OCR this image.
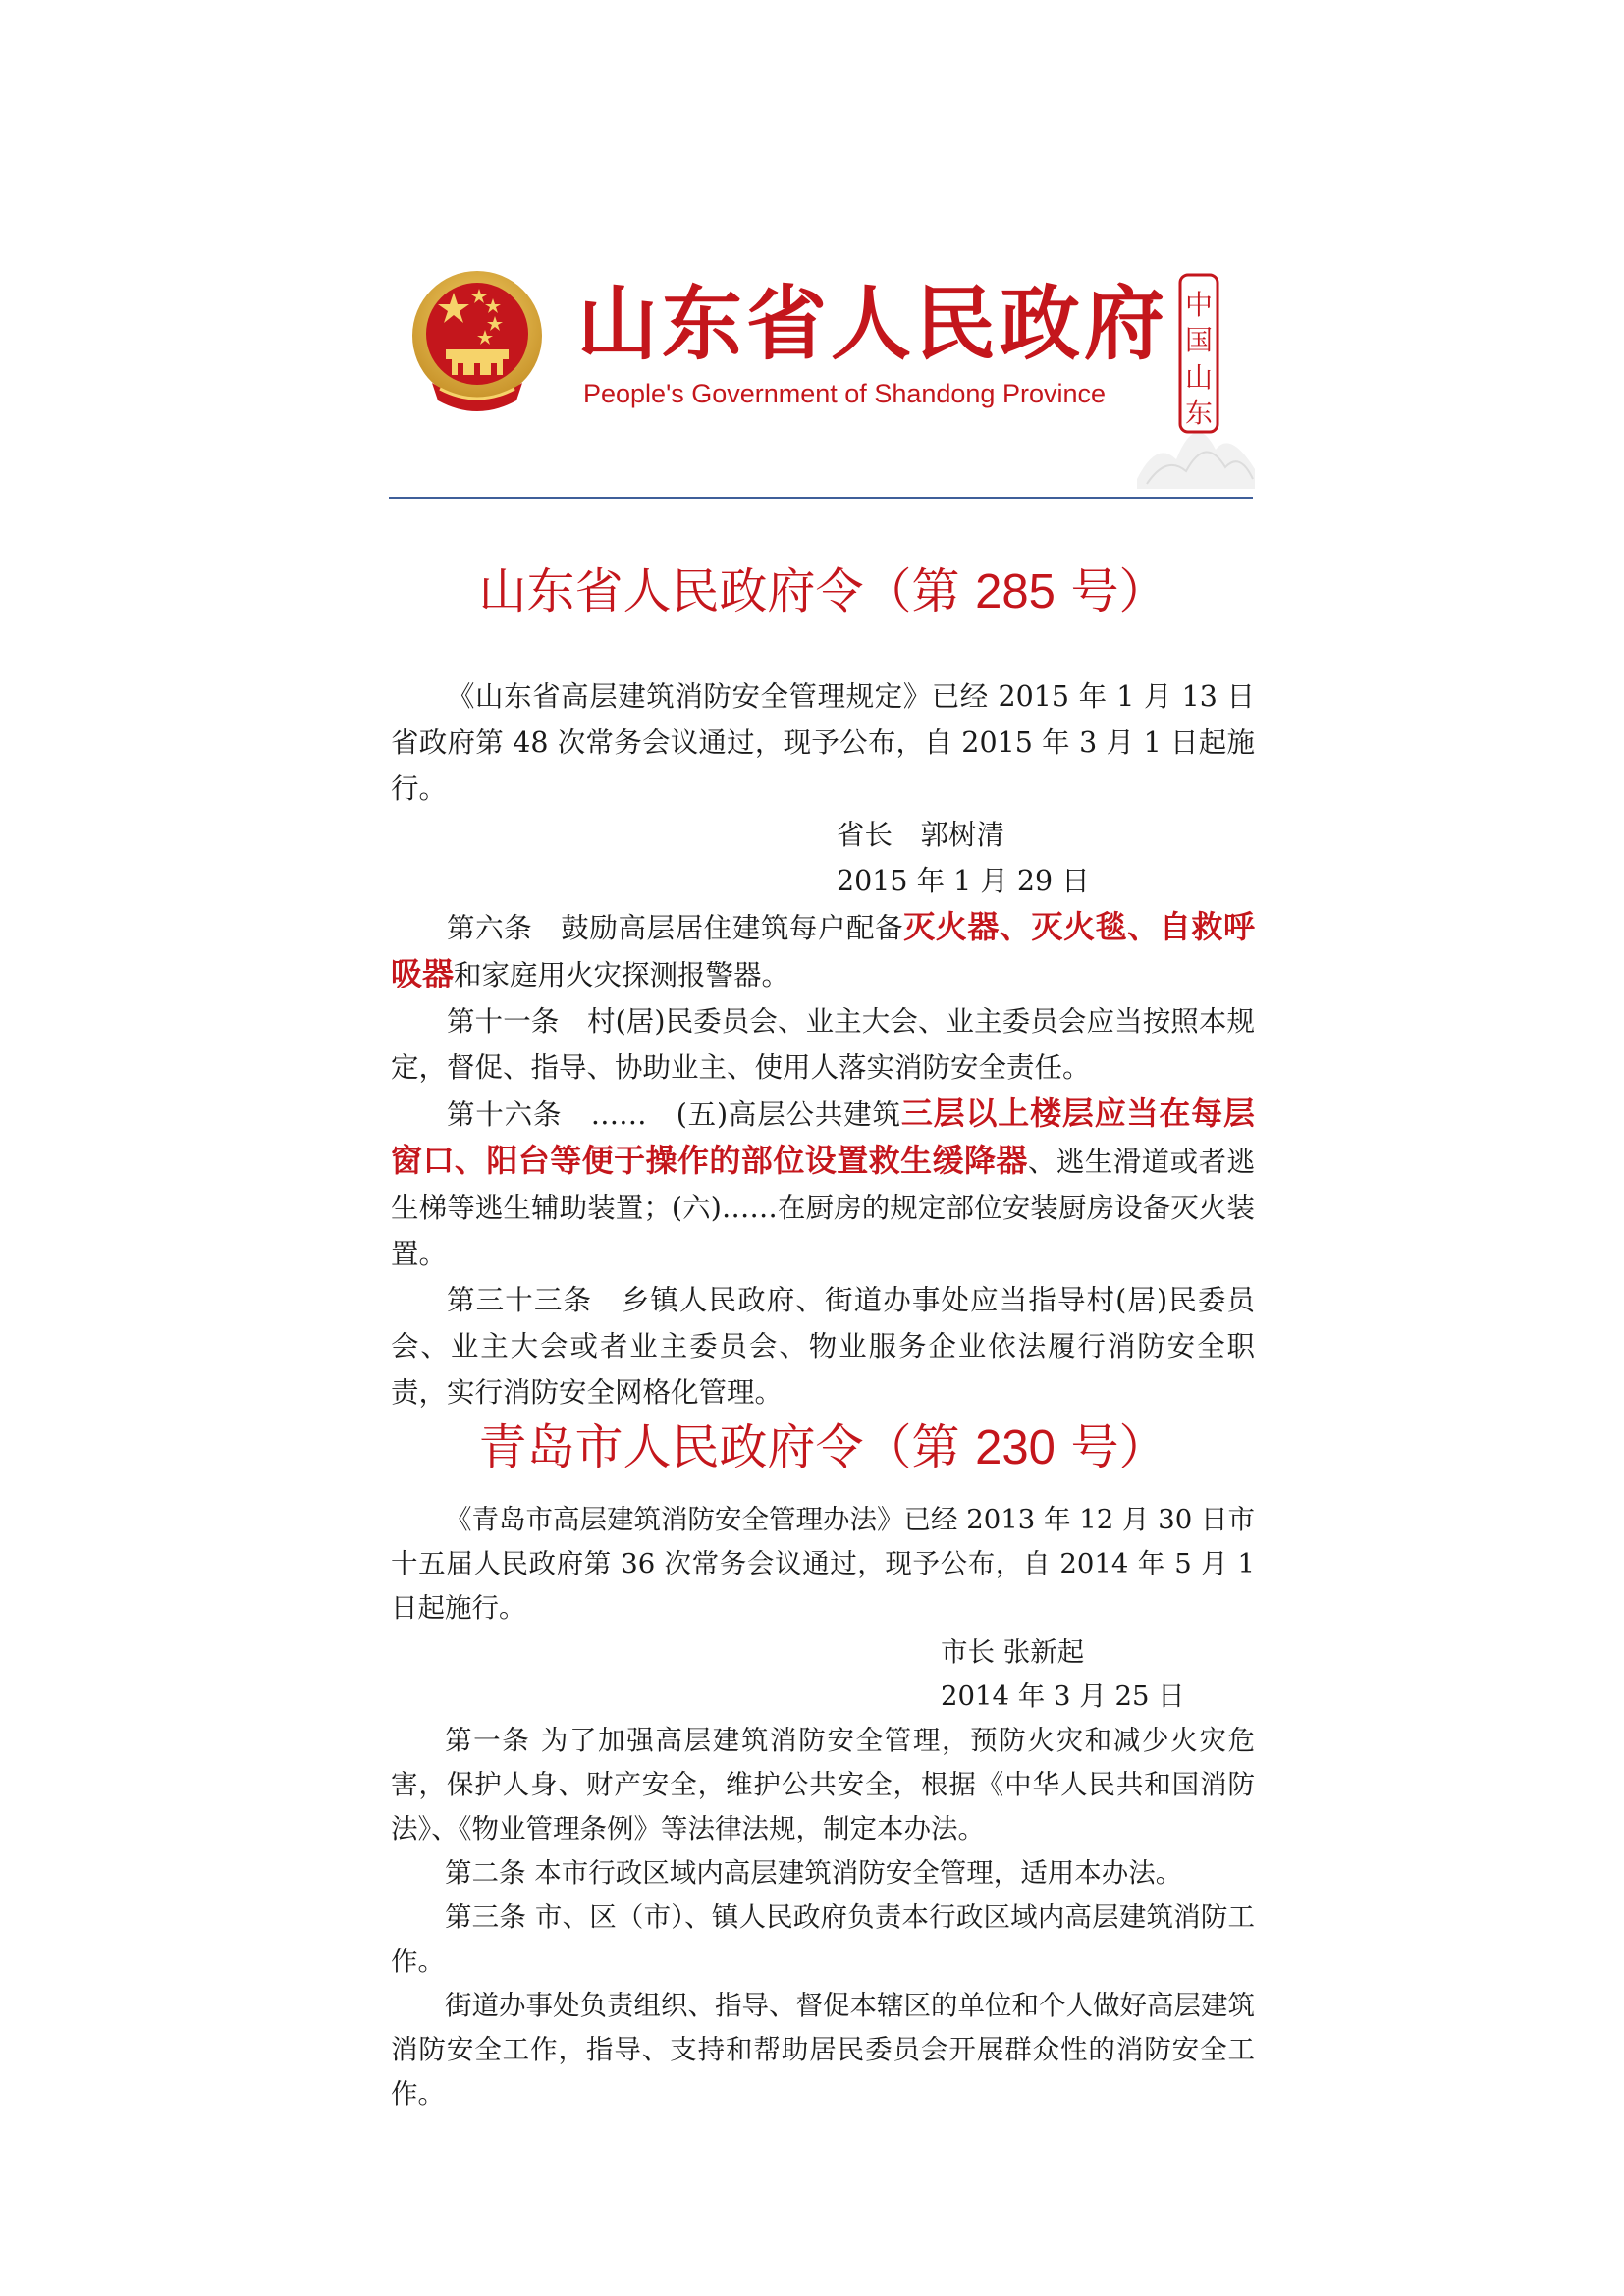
山东省人民政府
People's Government of Shandong Province
中
国
山
东
山东省人民政府令（第 285 号）

《山东省高层建筑消防安全管理规定》已经 2015 年 1 月 13 日省政府第 48 次常务会议通过，现予公布，自 2015 年 3 月 1 日起施行。

省长　郭树清

2015 年 1 月 29 日

第六条　鼓励高层居住建筑每户配备灭火器、灭火毯、自救呼吸器和家庭用火灾探测报警器。

第十一条　村(居)民委员会、业主大会、业主委员会应当按照本规定，督促、指导、协助业主、使用人落实消防安全责任。

第十六条　……　(五)高层公共建筑三层以上楼层应当在每层窗口、阳台等便于操作的部位设置救生缓降器、逃生滑道或者逃生梯等逃生辅助装置；(六)……在厨房的规定部位安装厨房设备灭火装置。

第三十三条　乡镇人民政府、街道办事处应当指导村(居)民委员会、业主大会或者业主委员会、物业服务企业依法履行消防安全职责，实行消防安全网格化管理。

青岛市人民政府令（第 230 号）

《青岛市高层建筑消防安全管理办法》已经 2013 年 12 月 30 日市十五届人民政府第 36 次常务会议通过，现予公布，自 2014 年 5 月 1 日起施行。

市长 张新起

2014 年 3 月 25 日

第一条 为了加强高层建筑消防安全管理，预防火灾和减少火灾危害，保护人身、财产安全，维护公共安全，根据《中华人民共和国消防法》、《物业管理条例》等法律法规，制定本办法。

第二条 本市行政区域内高层建筑消防安全管理，适用本办法。

第三条 市、区（市）、镇人民政府负责本行政区域内高层建筑消防工作。

街道办事处负责组织、指导、督促本辖区的单位和个人做好高层建筑消防安全工作，指导、支持和帮助居民委员会开展群众性的消防安全工作。
